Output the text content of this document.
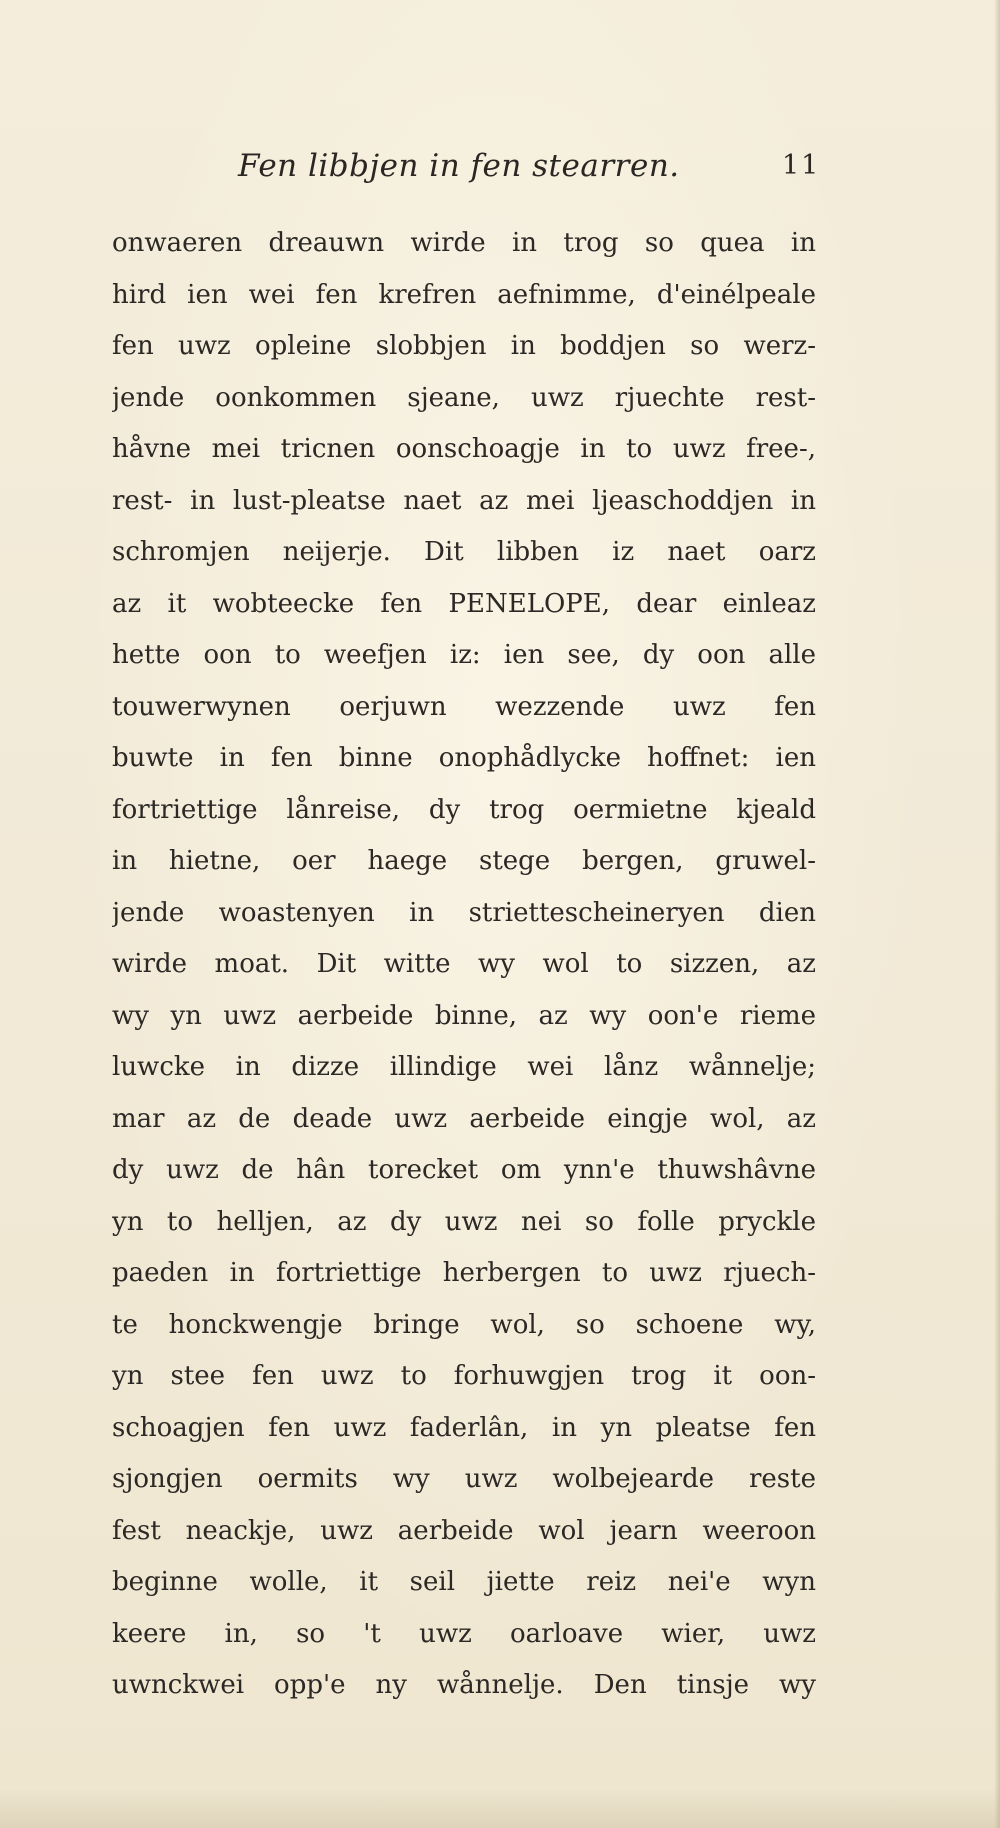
Fen libbjen in fen stearren.	11
onwaeren dreauwn wirde in trog so quea in
hird ien wei fen krefren aefnimme, d'einélpeale
fen uwz opleine slobbjen in boddjen so werz-
jende oonkommen sjeane, uwz rjuechte rest-
håvne mei tricnen oonschoagje in to uwz free-,
rest- in lust-pleatse naet az mei ljeaschoddjen in
schromjen neijerje. Dit libben iz naet oarz
az it wobteecke fen PENELOPE, dear einleaz
hette oon to weefjen iz: ien see, dy oon alle
touwerwynen oerjuwn wezzende uwz fen
buwte in fen binne onophådlycke hoffnet: ien
fortriettige lånreise, dy trog oermietne kjeald
in hietne, oer haege stege bergen, gruwel-
jende woastenyen in striettescheineryen dien
wirde moat. Dit witte wy wol to sizzen, az
wy yn uwz aerbeide binne, az wy oon'e rieme
luwcke in dizze illindige wei lånz wånnelje;
mar az de deade uwz aerbeide eingje wol, az
dy uwz de hân torecket om ynn'e thuwshâvne
yn to helljen, az dy uwz nei so folle pryckle
paeden in fortriettige herbergen to uwz rjuech-
te honckwengje bringe wol, so schoene wy,
yn stee fen uwz to forhuwgjen trog it oon-
schoagjen fen uwz faderlân, in yn pleatse fen
sjongjen oermits wy uwz wolbejearde reste
fest neackje, uwz aerbeide wol jearn weeroon
beginne wolle, it seil jiette reiz nei'e wyn
keere in, so 't uwz oarloave wier, uwz
uwnckwei opp'e ny wånnelje. Den tinsje wy
